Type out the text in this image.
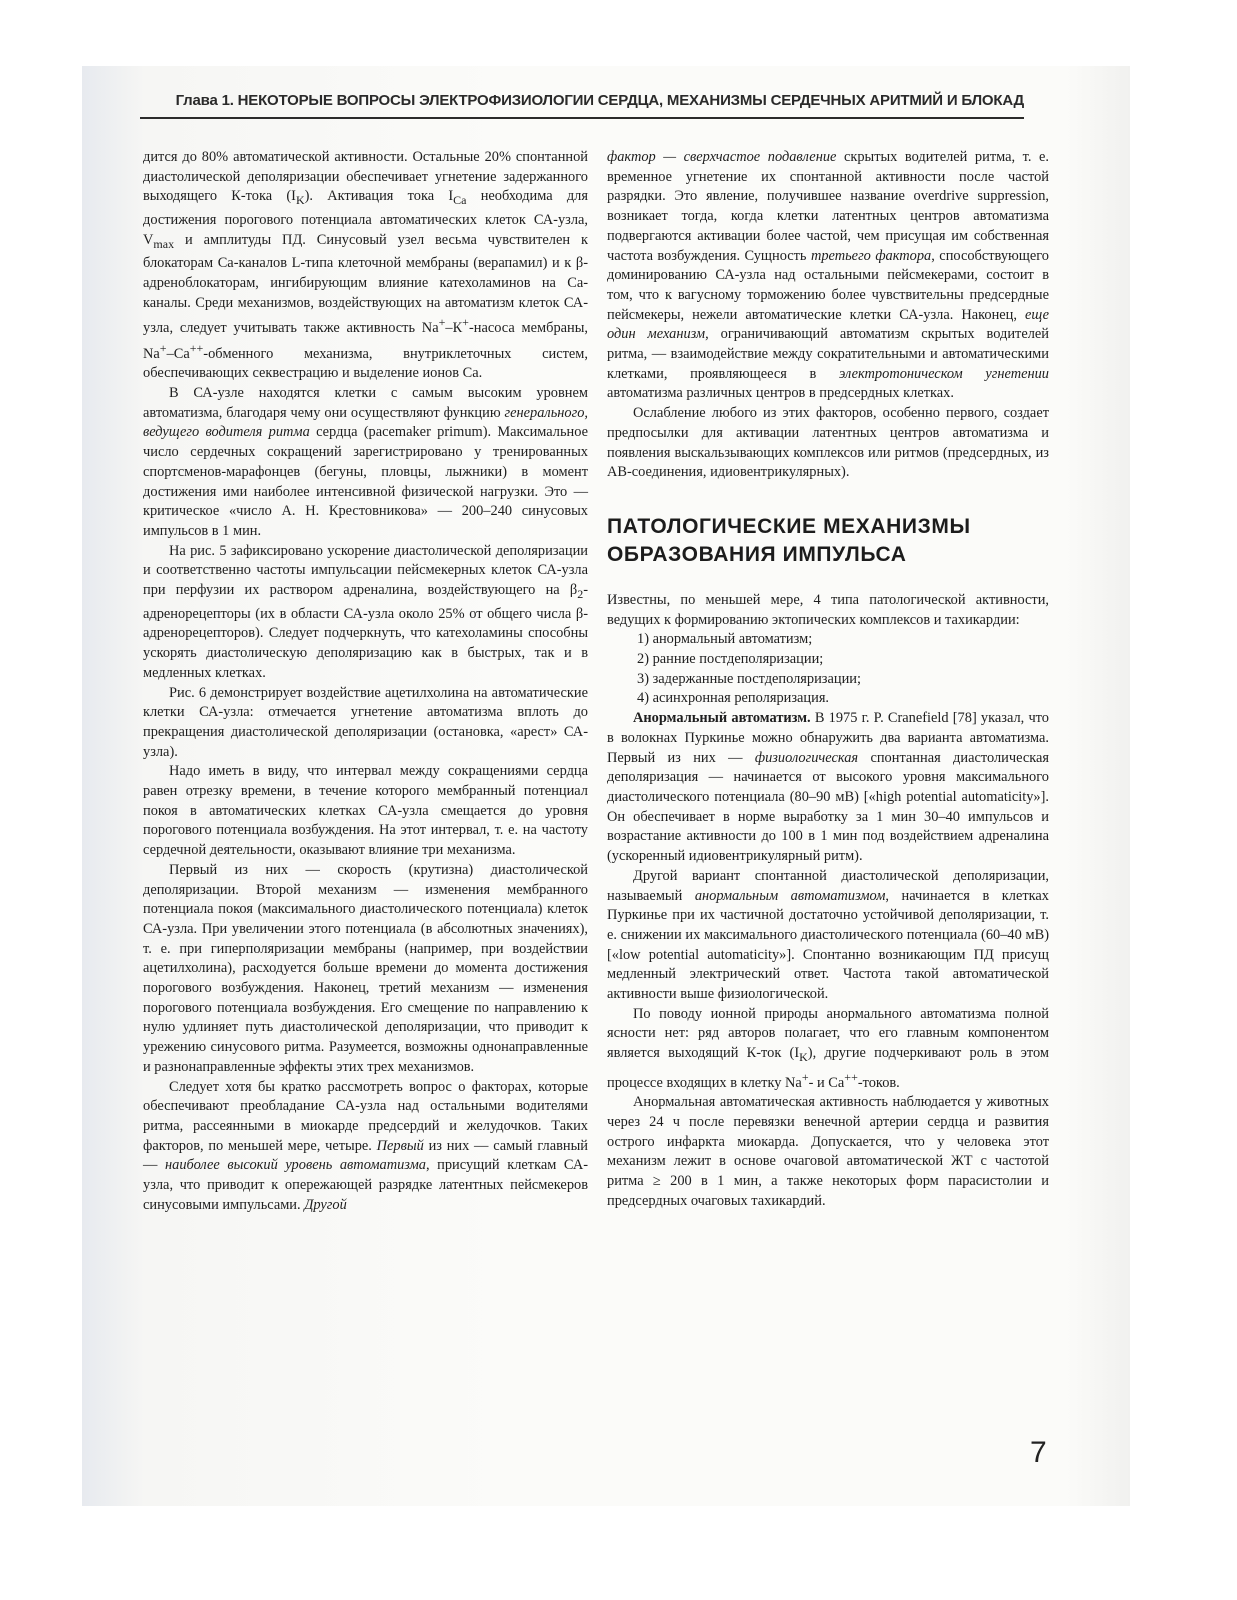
Глава 1. НЕКОТОРЫЕ ВОПРОСЫ ЭЛЕКТРОФИЗИОЛОГИИ СЕРДЦА, МЕХАНИЗМЫ СЕРДЕЧНЫХ АРИТМИЙ И БЛОКАД

дится до 80% автоматической активности. Остальные 20% спонтанной диастолической деполяризации обеспечивает угнетение задержанного выходящего К-тока $(I_K)$. Активация тока $I_{Ca}$ необходима для достижения порогового потенциала автоматических клеток СА-узла, $V_{max}$ и амплитуды ПД. Синусовый узел весьма чувствителен к блокаторам Са-каналов L-типа клеточной мембраны (верапамил) и к β-адреноблокаторам, ингибирующим влияние катехоламинов на Са-каналы. Среди механизмов, воздействующих на автоматизм клеток СА-узла, следует учитывать также активность Na+–К+-насоса мембраны, Na+–Са++-обменного механизма, внутриклеточных систем, обеспечивающих секвестрацию и выделение ионов Са.

В СА-узле находятся клетки с самым высоким уровнем автоматизма, благодаря чему они осуществляют функцию генерального, ведущего водителя ритма сердца (pacemaker primum). Максимальное число сердечных сокращений зарегистрировано у тренированных спортсменов-марафонцев (бегуны, пловцы, лыжники) в момент достижения ими наиболее интенсивной физической нагрузки. Это — критическое «число А. Н. Крестовникова» — 200–240 синусовых импульсов в 1 мин.

На рис. 5 зафиксировано ускорение диастолической деполяризации и соответственно частоты импульсации пейсмекерных клеток СА-узла при перфузии их раствором адреналина, воздействующего на $\beta_2$-адренорецепторы (их в области СА-узла около 25% от общего числа β-адренорецепторов). Следует подчеркнуть, что катехоламины способны ускорять диастолическую деполяризацию как в быстрых, так и в медленных клетках.

Рис. 6 демонстрирует воздействие ацетилхолина на автоматические клетки СА-узла: отмечается угнетение автоматизма вплоть до прекращения диастолической деполяризации (остановка, «арест» СА-узла).

Надо иметь в виду, что интервал между сокращениями сердца равен отрезку времени, в течение которого мембранный потенциал покоя в автоматических клетках СА-узла смещается до уровня порогового потенциала возбуждения. На этот интервал, т. е. на частоту сердечной деятельности, оказывают влияние три механизма.

Первый из них — скорость (крутизна) диастолической деполяризации. Второй механизм — изменения мембранного потенциала покоя (максимального диастолического потенциала) клеток СА-узла. При увеличении этого потенциала (в абсолютных значениях), т. е. при гиперполяризации мембраны (например, при воздействии ацетилхолина), расходуется больше времени до момента достижения порогового возбуждения. Наконец, третий механизм — изменения порогового потенциала возбуждения. Его смещение по направлению к нулю удлиняет путь диастолической деполяризации, что приводит к урежению синусового ритма. Разумеется, возможны однонаправленные и разнонаправленные эффекты этих трех механизмов.

Следует хотя бы кратко рассмотреть вопрос о факторах, которые обеспечивают преобладание СА-узла над остальными водителями ритма, рассеянными в миокарде предсердий и желудочков. Таких факторов, по меньшей мере, четыре. Первый из них — самый главный — наиболее высокий уровень автоматизма, присущий клеткам СА-узла, что приводит к опережающей разрядке латентных пейсмекеров синусовыми импульсами. Другой

фактор — сверхчастое подавление скрытых водителей ритма, т. е. временное угнетение их спонтанной активности после частой разрядки. Это явление, получившее название overdrive suppression, возникает тогда, когда клетки латентных центров автоматизма подвергаются активации более частой, чем присущая им собственная частота возбуждения. Сущность третьего фактора, способствующего доминированию СА-узла над остальными пейсмекерами, состоит в том, что к вагусному торможению более чувствительны предсердные пейсмекеры, нежели автоматические клетки СА-узла. Наконец, еще один механизм, ограничивающий автоматизм скрытых водителей ритма, — взаимодействие между сократительными и автоматическими клетками, проявляющееся в электротоническом угнетении автоматизма различных центров в предсердных клетках.

Ослабление любого из этих факторов, особенно первого, создает предпосылки для активации латентных центров автоматизма и появления выскальзывающих комплексов или ритмов (предсердных, из АВ-соединения, идиовентрикулярных).

ПАТОЛОГИЧЕСКИЕ МЕХАНИЗМЫ ОБРАЗОВАНИЯ ИМПУЛЬСА

Известны, по меньшей мере, 4 типа патологической активности, ведущих к формированию эктопических комплексов и тахикардии:

1) анормальный автоматизм;
2) ранние постдеполяризации;
3) задержанные постдеполяризации;
4) асинхронная реполяризация.

Анормальный автоматизм. В 1975 г. P. Cranefield [78] указал, что в волокнах Пуркинье можно обнаружить два варианта автоматизма. Первый из них — физиологическая спонтанная диастолическая деполяризация — начинается от высокого уровня максимального диастолического потенциала (80–90 мВ) [«high potential automaticity»]. Он обеспечивает в норме выработку за 1 мин 30–40 импульсов и возрастание активности до 100 в 1 мин под воздействием адреналина (ускоренный идиовентрикулярный ритм).

Другой вариант спонтанной диастолической деполяризации, называемый анормальным автоматизмом, начинается в клетках Пуркинье при их частичной достаточно устойчивой деполяризации, т. е. снижении их максимального диастолического потенциала (60–40 мВ) [«low potential automaticity»]. Спонтанно возникающим ПД присущ медленный электрический ответ. Частота такой автоматической активности выше физиологической.

По поводу ионной природы анормального автоматизма полной ясности нет: ряд авторов полагает, что его главным компонентом является выходящий К-ток $(I_K)$, другие подчеркивают роль в этом процессе входящих в клетку Na+- и Са++-токов.

Анормальная автоматическая активность наблюдается у животных через 24 ч после перевязки венечной артерии сердца и развития острого инфаркта миокарда. Допускается, что у человека этот механизм лежит в основе очаговой автоматической ЖТ с частотой ритма ≥ 200 в 1 мин, а также некоторых форм парасистолии и предсердных очаговых тахикардий.

7
